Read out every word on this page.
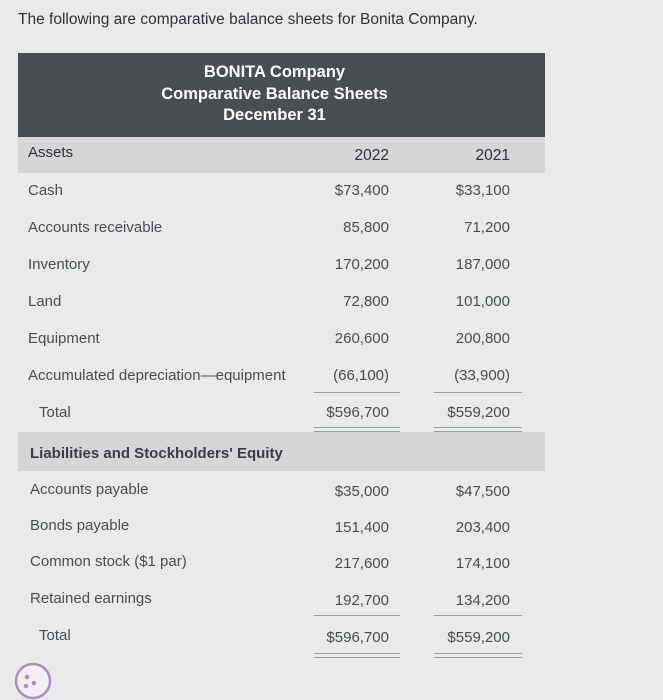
The following are comparative balance sheets for Bonita Company.
BONITA Company
Comparative Balance Sheets
December 31
Assets	2022	2021
Cash	$73,400	$33,100
Accounts receivable	85,800	71,200
Inventory	170,200	187,000
Land	72,800	101,000
Equipment	260,600	200,800
Accumulated depreciation—equipment	(66,100)	(33,900)
Total	$596,700	$559,200
Liabilities and Stockholders' Equity
Accounts payable	$35,000	$47,500
Bonds payable	151,400	203,400
Common stock ($1 par)	217,600	174,100
Retained earnings	192,700	134,200
Total	$596,700	$559,200
